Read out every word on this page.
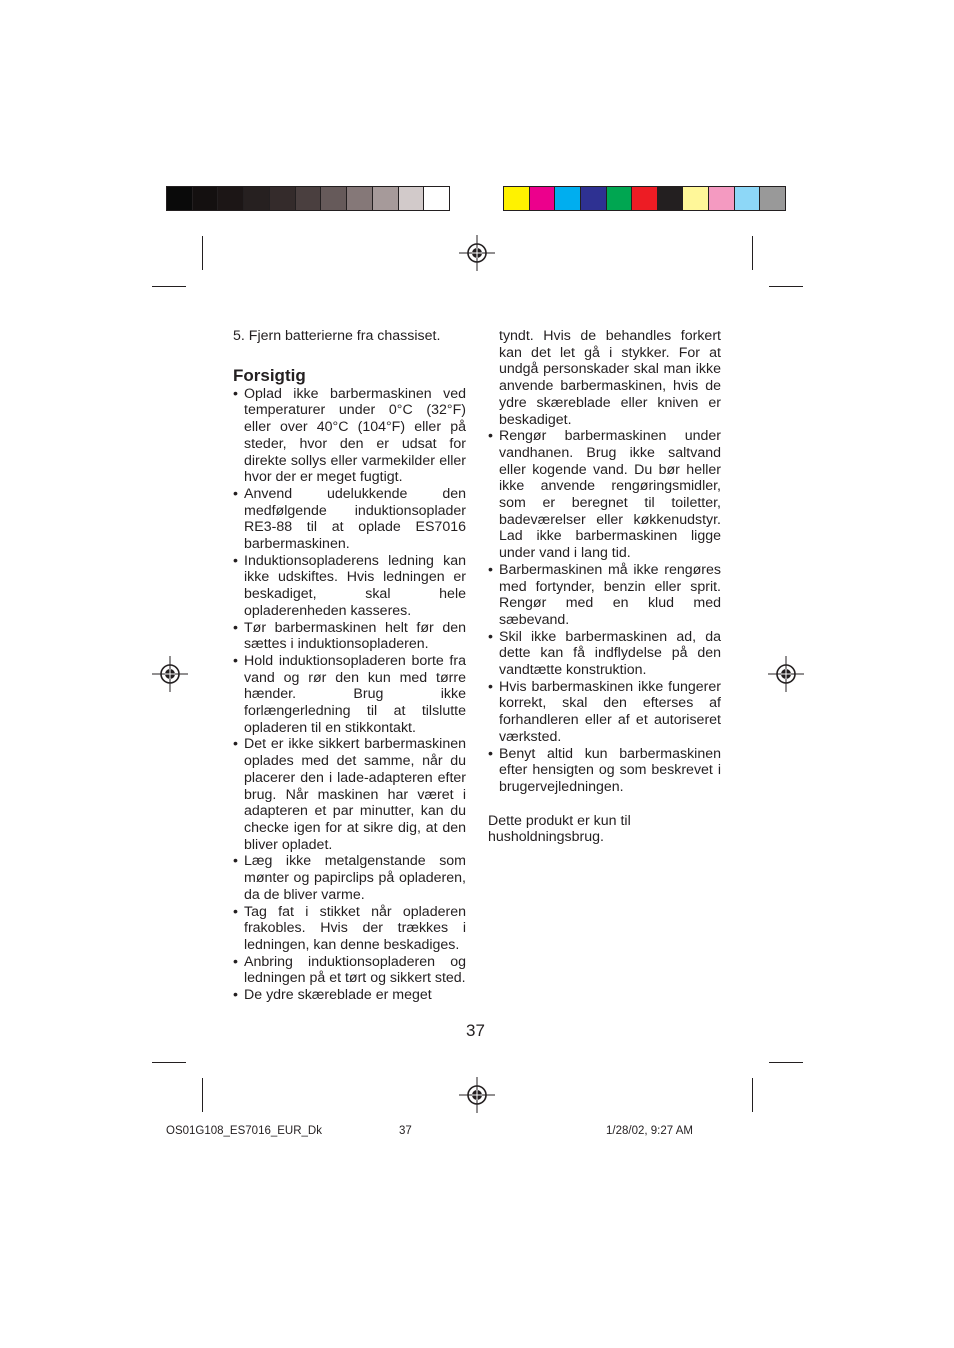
5. Fjern batterierne fra chassiset.

Forsigtig
• Oplad ikke barbermaskinen ved temperaturer under 0°C (32°F) eller over 40°C (104°F) eller på steder, hvor den er udsat for direkte sollys eller varmekilder eller hvor der er meget fugtigt.
• Anvend udelukkende den medfølgende induktionsoplader RE3-88 til at oplade ES7016 barbermaskinen.
• Induktionsopladerens ledning kan ikke udskiftes. Hvis ledningen er beskadiget, skal hele opladerenheden kasseres.
• Tør barbermaskinen helt før den sættes i induktionsopladeren.
• Hold induktionsopladeren borte fra vand og rør den kun med tørre hænder. Brug ikke forlængerledning til at tilslutte opladeren til en stikkontakt.
• Det er ikke sikkert barbermaskinen oplades med det samme, når du placerer den i lade-adapteren efter brug. Når maskinen har været i adapteren et par minutter, kan du checke igen for at sikre dig, at den bliver opladet.
• Læg ikke metalgenstande som mønter og papirclips på opladeren, da de bliver varme.
• Tag fat i stikket når opladeren frakobles. Hvis der trækkes i ledningen, kan denne beskadiges.
• Anbring induktionsopladeren og ledningen på et tørt og sikkert sted.
• De ydre skæreblade er meget

tyndt. Hvis de behandles forkert kan det let gå i stykker. For at undgå personskader skal man ikke anvende barbermaskinen, hvis de ydre skæreblade eller kniven er beskadiget.

• Rengør barbermaskinen under vandhanen. Brug ikke saltvand eller kogende vand. Du bør heller ikke anvende rengøringsmidler, som er beregnet til toiletter, badeværelser eller køkkenudstyr. Lad ikke barbermaskinen ligge under vand i lang tid.
• Barbermaskinen må ikke rengøres med fortynder, benzin eller sprit. Rengør med en klud med sæbevand.
• Skil ikke barbermaskinen ad, da dette kan få indflydelse på den vandtætte konstruktion.
• Hvis barbermaskinen ikke fungerer korrekt, skal den efterses af forhandleren eller af et autoriseret værksted.
• Benyt altid kun barbermaskinen efter hensigten og som beskrevet i brugervejledningen.

Dette produkt er kun til husholdningsbrug.

37
OS01G108_ES7016_EUR_Dk	37	1/28/02, 9:27 AM
